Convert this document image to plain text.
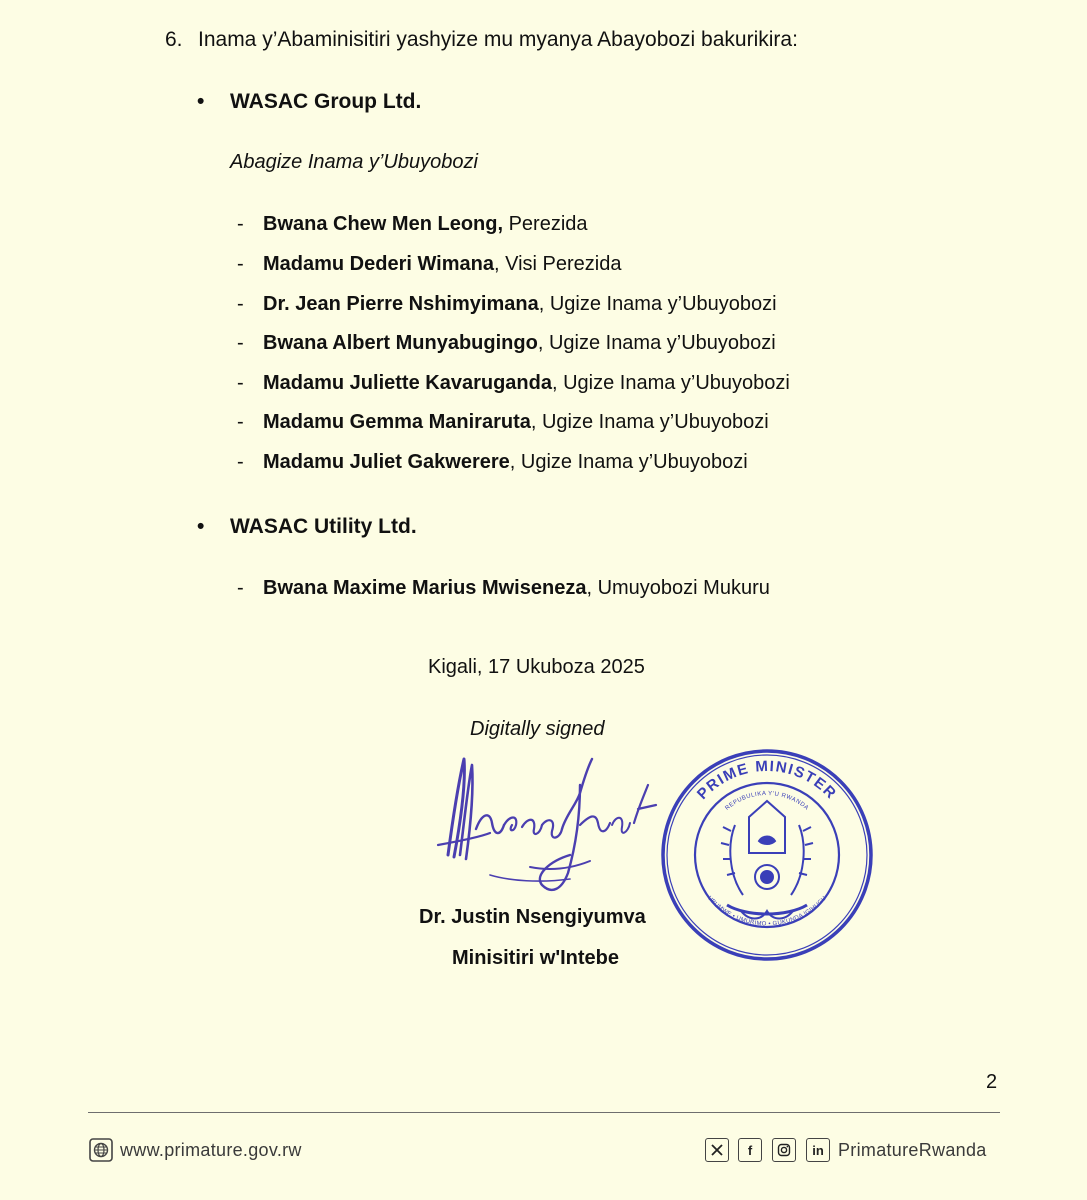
6. Inama y’Abaminisitiri yashyize mu myanya Abayobozi bakurikira:
• WASAC Group Ltd.
Abagize Inama y’Ubuyobozi
- Bwana Chew Men Leong, Perezida
- Madamu Dederi Wimana, Visi Perezida
- Dr. Jean Pierre Nshimyimana, Ugize Inama y’Ubuyobozi
- Bwana Albert Munyabugingo, Ugize Inama y’Ubuyobozi
- Madamu Juliette Kavaruganda, Ugize Inama y’Ubuyobozi
- Madamu Gemma Maniraruta, Ugize Inama y’Ubuyobozi
- Madamu Juliet Gakwerere, Ugize Inama y’Ubuyobozi
• WASAC Utility Ltd.
- Bwana Maxime Marius Mwiseneza, Umuyobozi Mukuru
Kigali, 17 Ukuboza 2025
Digitally signed
PRIME MINISTER
REPUBULIKA Y'U RWANDA
UBUMWE • UMURIMO • GUKUNDA IGIHUGU
Dr. Justin Nsengiyumva
Minisitiri w'Intebe
2
www.primature.gov.rw	f	in PrimatureRwanda
